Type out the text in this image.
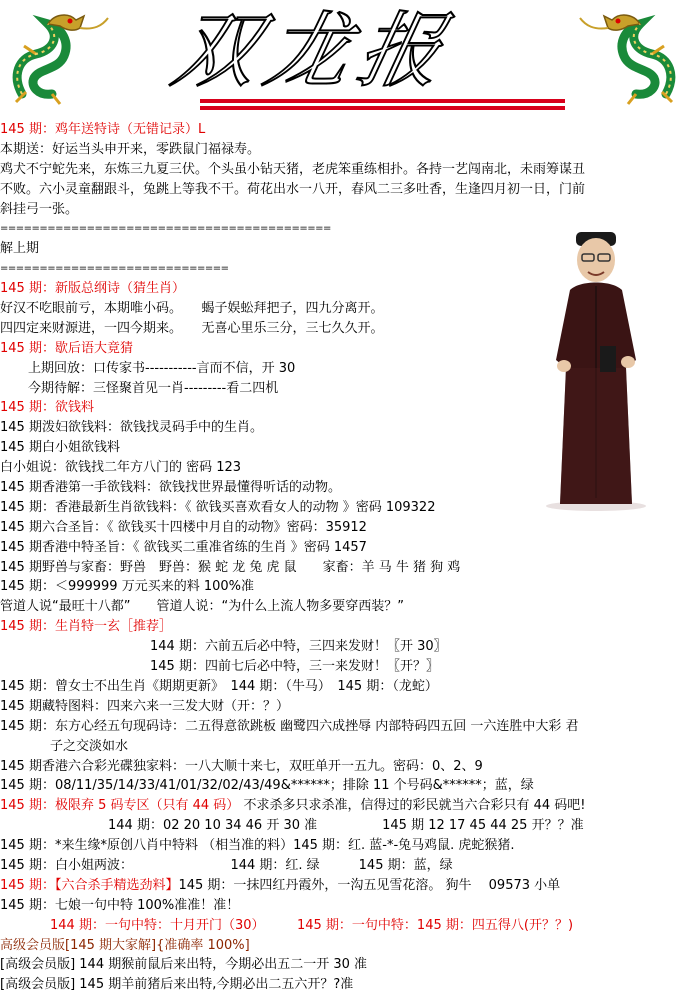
双龙报
145 期：鸡年送特诗（无错记录）L
本期送：好运当头申开来，零跌鼠门福禄寿。
鸡犬不宁蛇先来，东炼三九夏三伏。个头虽小钻天猪，老虎笨重练相扑。各持一艺闯南北，未雨筹谋丑
不败。六小灵童翻跟斗，兔跳上等我不干。荷花出水一八开，春风二三多吐香，生逢四月初一日，门前
斜挂弓一张。
==========================================
解上期
=============================
145 期：新版总纲诗（猜生肖）
好汉不吃眼前亏，本期唯小码。　　蝎子娱蚣拜把子，四九分离开。
四四定来财源进，一四今期来。　　无喜心里乐三分，三七久久开。
145 期：歇后语大竟猜
上期回放：口传家书-----------言而不信，开 30
今期待解：三怪聚首见一肖---------看二四机
145 期：欲钱料
145 期泼妇欲钱料：欲钱找灵码手中的生肖。
145 期白小姐欲钱料
白小姐说：欲钱找二年方八门的 密码 123
145 期香港第一手欲钱料：欲钱找世界最懂得听话的动物。
145 期：香港最新生肖欲钱料：《 欲钱买喜欢看女人的动物 》密码 109322
145 期六合圣旨：《 欲钱买十四楼中月自的动物》密码：35912
145 期香港中特圣旨：《 欲钱买二重准省练的生肖 》密码 1457
145 期野兽与家畜：野兽　野兽：猴 蛇 龙 兔 虎 鼠　　家畜：羊 马 牛 猪 狗 鸡
145 期：＜999999 万元买来的料 100%准
管道人说“最旺十八都”　　管道人说：“为什么上流人物多要穿西装？”
145 期：生肖特一玄［推荐］
144 期：六前五后必中特，三四来发财！〖开 30〗
145 期：四前七后必中特，三一来发财！〖开？〗
145 期：曾女士不出生肖《期期更新》　144 期：（牛马）　145 期：（龙蛇）
145 期藏特图料：四来六来一三发大财（开：？）
145 期：东方心经五句现码诗：二五得意欲跳板 幽鹭四六成挫辱 内部特码四五回 一六连胜中大彩 君
子之交淡如水
145 期香港六合彩光碟独家料：一八大顺十来七，双旺单开一五九。密码：0、2、9
145 期：08/11/35/14/33/41/01/32/02/43/49&******；排除 11 个号码&******；蓝，绿
145 期：极限弃 5 码专区（只有 44 码） 不求杀多只求杀准，信得过的彩民就当六合彩只有 44 码吧!
144 期：02 20 10 34 46 开 30 准　　　　　145 期 12 17 45 44 25 开？？准
145 期：*来生缘*原创八肖中特料 （相当准的料）145 期：红. 蓝-*-兔马鸡鼠. 虎蛇猴猪.
145 期：白小姐两波：　　　　　　　　144 期：红. 绿　　　145 期：蓝，绿
145 期：【六合杀手精选劲料】145 期：一抹四红丹霞外，一沟五见雪花溶。 狗牛　 09573 小单
145 期：七娘一句中特 100%准准！准！
144 期：一句中特：十月开门（30）　　　145 期：一句中特：145 期：四五得八(开？？)
高级会员版[145 期大家解]{准确率 100%]
[高级会员版] 144 期猴前鼠后来出特，今期必出五二一开 30 准
[高级会员版] 145 期羊前猪后来出特,今期必出二五六开？?准
